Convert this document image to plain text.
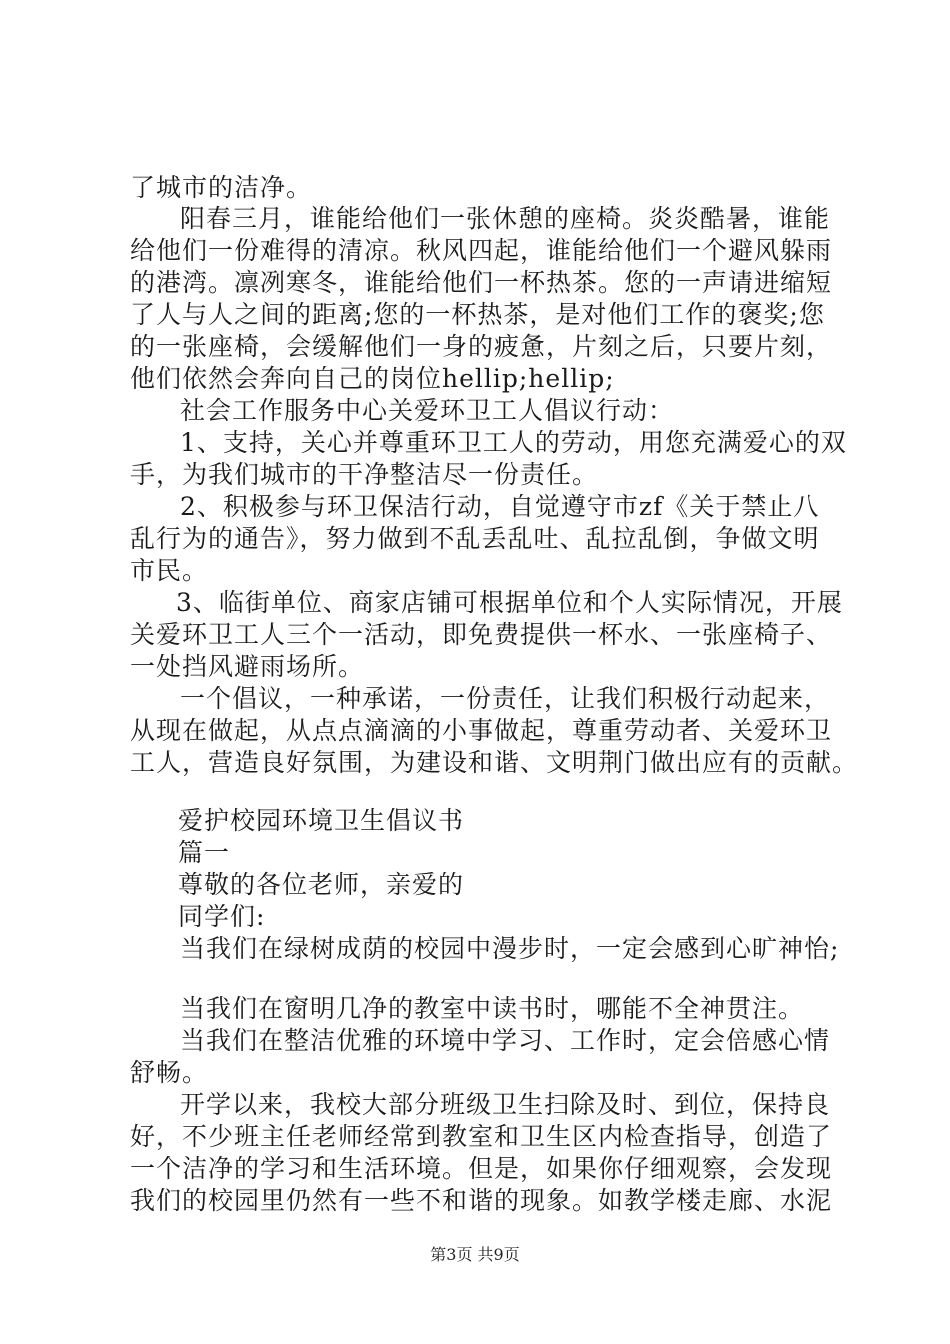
了城市的洁净。
阳春三月，谁能给他们一张休憩的座椅。炎炎酷暑，谁能
给他们一份难得的清凉。秋风四起，谁能给他们一个避风躲雨
的港湾。凛冽寒冬，谁能给他们一杯热茶。您的一声请进缩短
了人与人之间的距离;您的一杯热茶，是对他们工作的褒奖;您
的一张座椅，会缓解他们一身的疲惫，片刻之后，只要片刻，
他们依然会奔向自己的岗位hellip;hellip;
社会工作服务中心关爱环卫工人倡议行动：
1、支持，关心并尊重环卫工人的劳动，用您充满爱心的双
手，为我们城市的干净整洁尽一份责任。
2、积极参与环卫保洁行动，自觉遵守市zf《关于禁止八
乱行为的通告》，努力做到不乱丢乱吐、乱拉乱倒，争做文明
市民。
3、临街单位、商家店铺可根据单位和个人实际情况，开展
关爱环卫工人三个一活动，即免费提供一杯水、一张座椅子、
一处挡风避雨场所。
一个倡议，一种承诺，一份责任，让我们积极行动起来，
从现在做起，从点点滴滴的小事做起，尊重劳动者、关爱环卫
工人，营造良好氛围，为建设和谐、文明荆门做出应有的贡献。
爱护校园环境卫生倡议书
篇一
尊敬的各位老师，亲爱的
同学们:
当我们在绿树成荫的校园中漫步时，一定会感到心旷神怡;
当我们在窗明几净的教室中读书时，哪能不全神贯注。
当我们在整洁优雅的环境中学习、工作时，定会倍感心情
舒畅。
开学以来，我校大部分班级卫生扫除及时、到位，保持良
好，不少班主任老师经常到教室和卫生区内检查指导，创造了
一个洁净的学习和生活环境。但是，如果你仔细观察，会发现
我们的校园里仍然有一些不和谐的现象。如教学楼走廊、水泥
第3页 共9页
